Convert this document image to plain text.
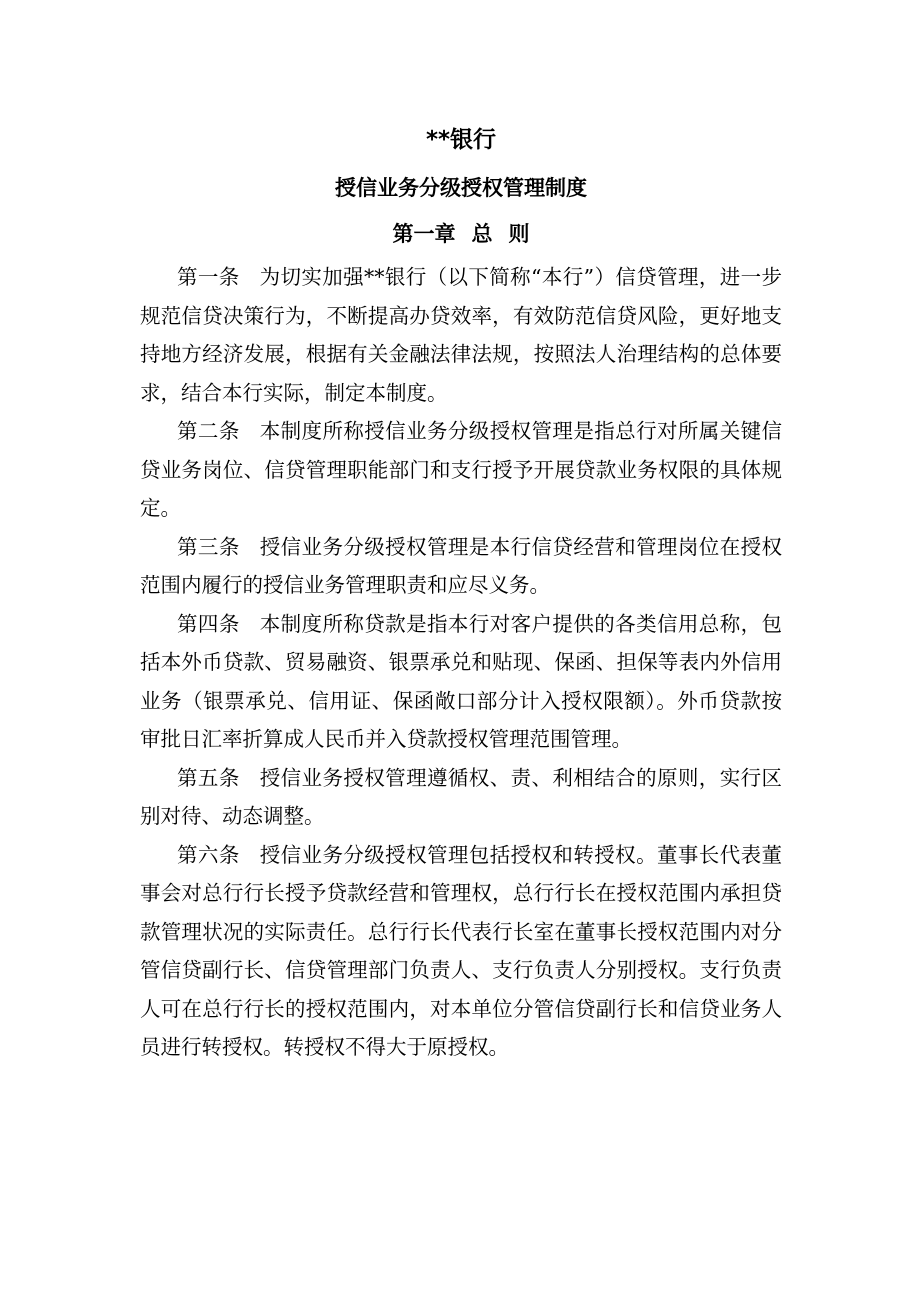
**银行
授信业务分级授权管理制度
第一章 总 则

第一条 为切实加强**银行（以下简称“本行”）信贷管理，进一步规范信贷决策行为，不断提高办贷效率，有效防范信贷风险，更好地支持地方经济发展，根据有关金融法律法规，按照法人治理结构的总体要求，结合本行实际，制定本制度。

第二条 本制度所称授信业务分级授权管理是指总行对所属关键信贷业务岗位、信贷管理职能部门和支行授予开展贷款业务权限的具体规定。

第三条 授信业务分级授权管理是本行信贷经营和管理岗位在授权范围内履行的授信业务管理职责和应尽义务。

第四条 本制度所称贷款是指本行对客户提供的各类信用总称，包括本外币贷款、贸易融资、银票承兑和贴现、保函、担保等表内外信用业务（银票承兑、信用证、保函敞口部分计入授权限额）。外币贷款按审批日汇率折算成人民币并入贷款授权管理范围管理。

第五条 授信业务授权管理遵循权、责、利相结合的原则，实行区别对待、动态调整。

第六条 授信业务分级授权管理包括授权和转授权。董事长代表董事会对总行行长授予贷款经营和管理权，总行行长在授权范围内承担贷款管理状况的实际责任。总行行长代表行长室在董事长授权范围内对分管信贷副行长、信贷管理部门负责人、支行负责人分别授权。支行负责人可在总行行长的授权范围内，对本单位分管信贷副行长和信贷业务人员进行转授权。转授权不得大于原授权。
